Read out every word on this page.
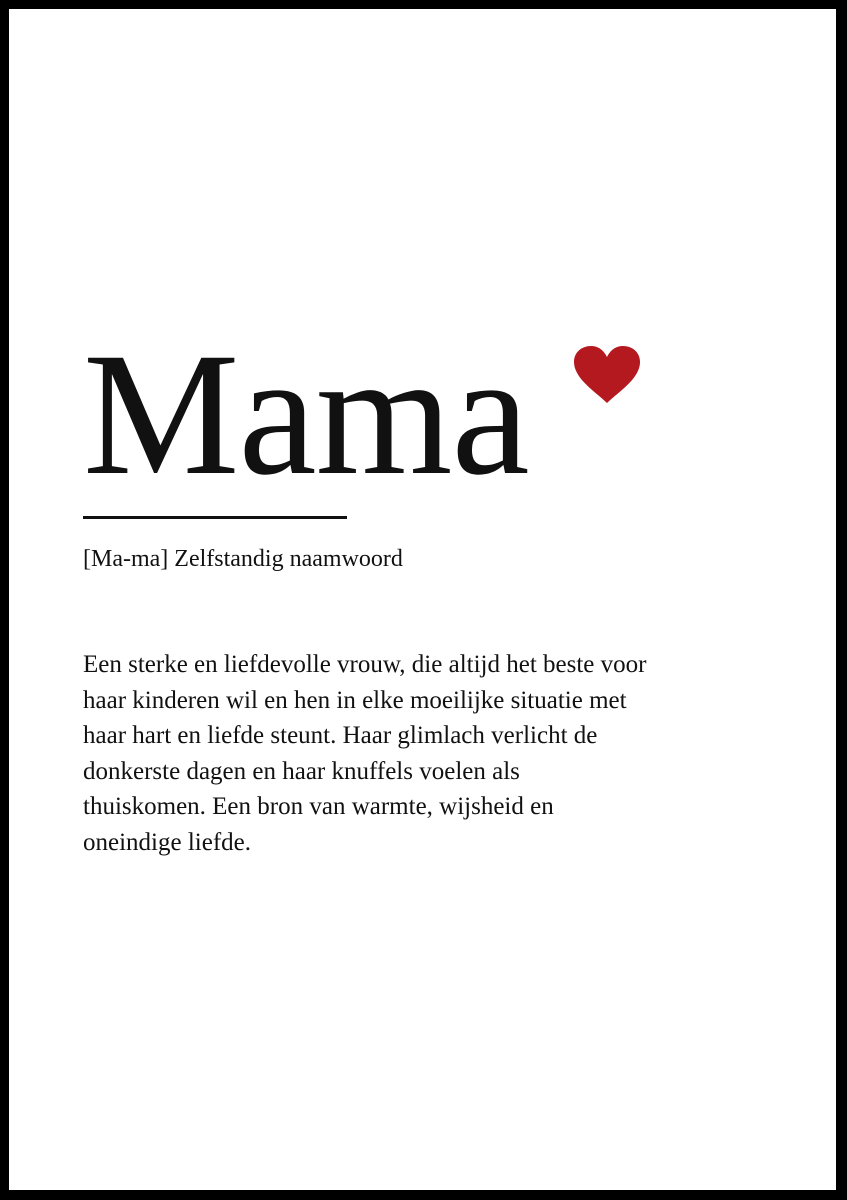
Mama

[Ma-ma] Zelfstandig naamwoord

Een sterke en liefdevolle vrouw, die altijd het beste voor
haar kinderen wil en hen in elke moeilijke situatie met
haar hart en liefde steunt. Haar glimlach verlicht de
donkerste dagen en haar knuffels voelen als
thuiskomen. Een bron van warmte, wijsheid en
oneindige liefde.
